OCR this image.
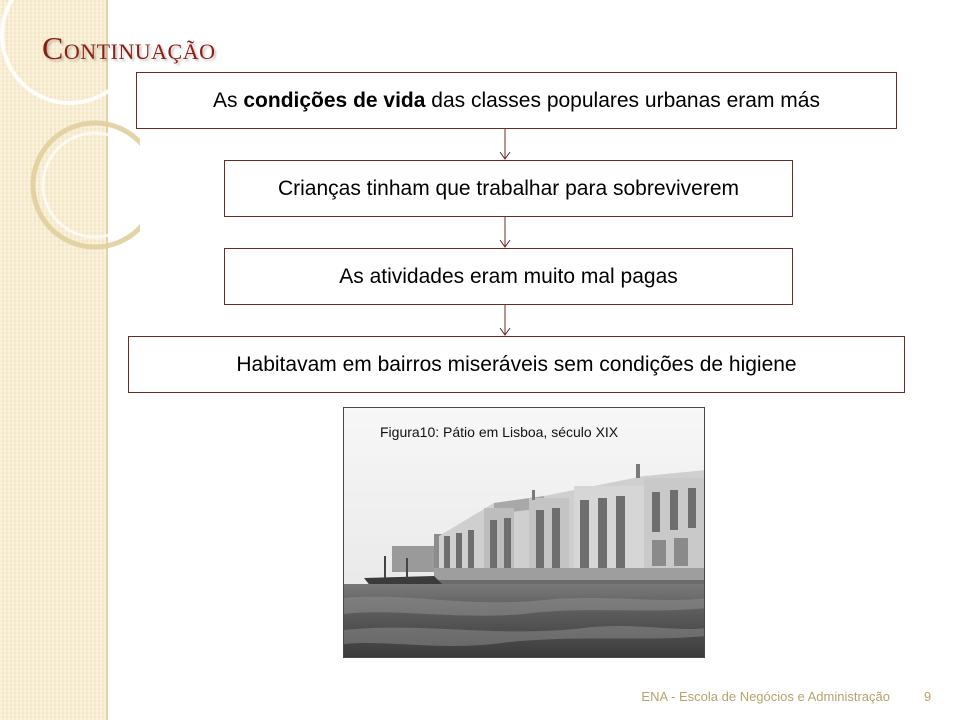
Continuação
As condições de vida das classes populares urbanas eram más
Crianças tinham que trabalhar para sobreviverem
As atividades eram muito mal pagas
Habitavam em bairros miseráveis sem condições de higiene
Figura10: Pátio em Lisboa, século XIX
ENA - Escola de Negócios e Administração	9
